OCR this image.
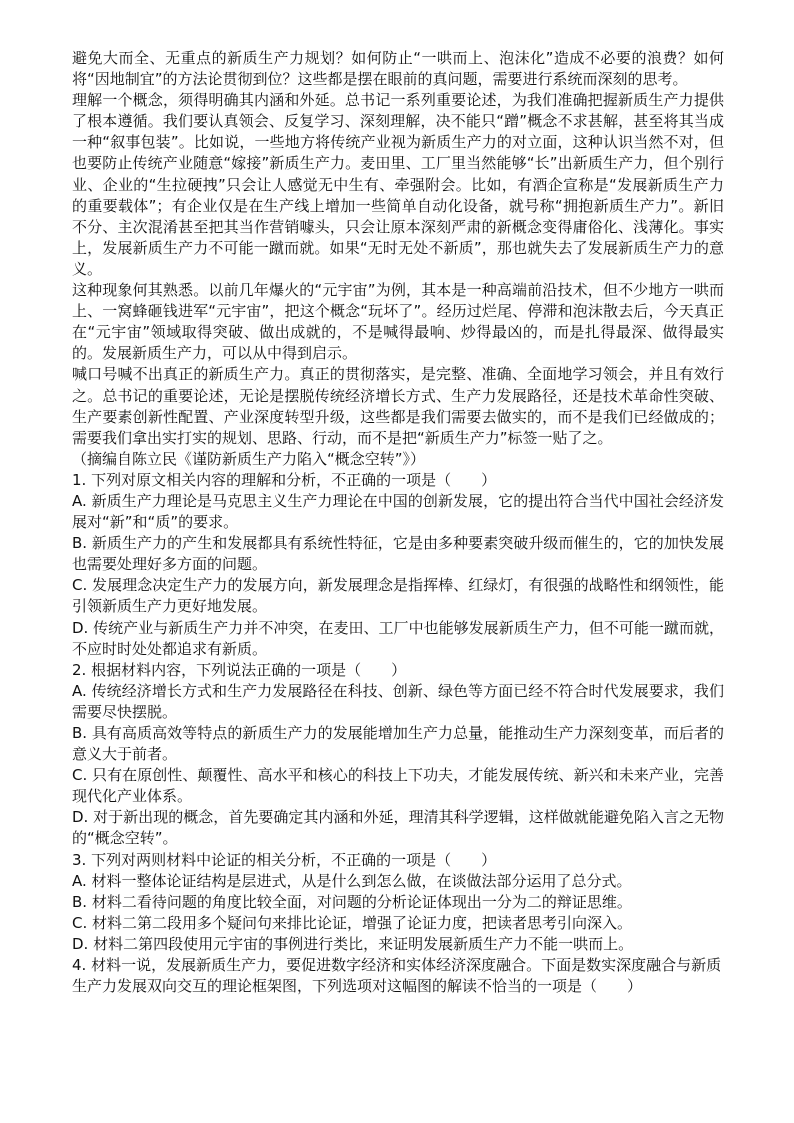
避免大而全、无重点的新质生产力规划？如何防止“一哄而上、泡沫化”造成不必要的浪费？如何将“因地制宜”的方法论贯彻到位？这些都是摆在眼前的真问题，需要进行系统而深刻的思考。

理解一个概念，须得明确其内涵和外延。总书记一系列重要论述，为我们准确把握新质生产力提供了根本遵循。我们要认真领会、反复学习、深刻理解，决不能只“蹭”概念不求甚解，甚至将其当成一种“叙事包装”。比如说，一些地方将传统产业视为新质生产力的对立面，这种认识当然不对，但也要防止传统产业随意“嫁接”新质生产力。麦田里、工厂里当然能够“长”出新质生产力，但个别行业、企业的“生拉硬拽”只会让人感觉无中生有、牵强附会。比如，有酒企宣称是“发展新质生产力的重要载体”；有企业仅是在生产线上增加一些简单自动化设备，就号称“拥抱新质生产力”。新旧不分、主次混淆甚至把其当作营销噱头，只会让原本深刻严肃的新概念变得庸俗化、浅薄化。事实上，发展新质生产力不可能一蹴而就。如果“无时无处不新质”，那也就失去了发展新质生产力的意义。

这种现象何其熟悉。以前几年爆火的“元宇宙”为例，其本是一种高端前沿技术，但不少地方一哄而上、一窝蜂砸钱进军“元宇宙”，把这个概念“玩坏了”。经历过烂尾、停滞和泡沫散去后，今天真正在“元宇宙”领域取得突破、做出成就的，不是喊得最响、炒得最凶的，而是扎得最深、做得最实的。发展新质生产力，可以从中得到启示。

喊口号喊不出真正的新质生产力。真正的贯彻落实，是完整、准确、全面地学习领会，并且有效行之。总书记的重要论述，无论是摆脱传统经济增长方式、生产力发展路径，还是技术革命性突破、生产要素创新性配置、产业深度转型升级，这些都是我们需要去做实的，而不是我们已经做成的；需要我们拿出实打实的规划、思路、行动，而不是把“新质生产力”标签一贴了之。

（摘编自陈立民《谨防新质生产力陷入“概念空转”》）

1. 下列对原文相关内容的理解和分析，不正确的一项是（　　）

A. 新质生产力理论是马克思主义生产力理论在中国的创新发展，它的提出符合当代中国社会经济发展对“新”和“质”的要求。

B. 新质生产力的产生和发展都具有系统性特征，它是由多种要素突破升级而催生的，它的加快发展也需要处理好多方面的问题。

C. 发展理念决定生产力的发展方向，新发展理念是指挥棒、红绿灯，有很强的战略性和纲领性，能引领新质生产力更好地发展。

D. 传统产业与新质生产力并不冲突，在麦田、工厂中也能够发展新质生产力，但不可能一蹴而就，不应时时处处都追求有新质。

2. 根据材料内容，下列说法正确的一项是（　　）

A. 传统经济增长方式和生产力发展路径在科技、创新、绿色等方面已经不符合时代发展要求，我们需要尽快摆脱。

B. 具有高质高效等特点的新质生产力的发展能增加生产力总量，能推动生产力深刻变革，而后者的意义大于前者。

C. 只有在原创性、颠覆性、高水平和核心的科技上下功夫，才能发展传统、新兴和未来产业，完善现代化产业体系。

D. 对于新出现的概念，首先要确定其内涵和外延，理清其科学逻辑，这样做就能避免陷入言之无物的“概念空转”。

3. 下列对两则材料中论证的相关分析，不正确的一项是（　　）

A. 材料一整体论证结构是层进式，从是什么到怎么做，在谈做法部分运用了总分式。

B. 材料二看待问题的角度比较全面，对问题的分析论证体现出一分为二的辩证思维。

C. 材料二第二段用多个疑问句来排比论证，增强了论证力度，把读者思考引向深入。

D. 材料二第四段使用元宇宙的事例进行类比，来证明发展新质生产力不能一哄而上。

4. 材料一说，发展新质生产力，要促进数字经济和实体经济深度融合。下面是数实深度融合与新质生产力发展双向交互的理论框架图，下列选项对这幅图的解读不恰当的一项是（　　）
